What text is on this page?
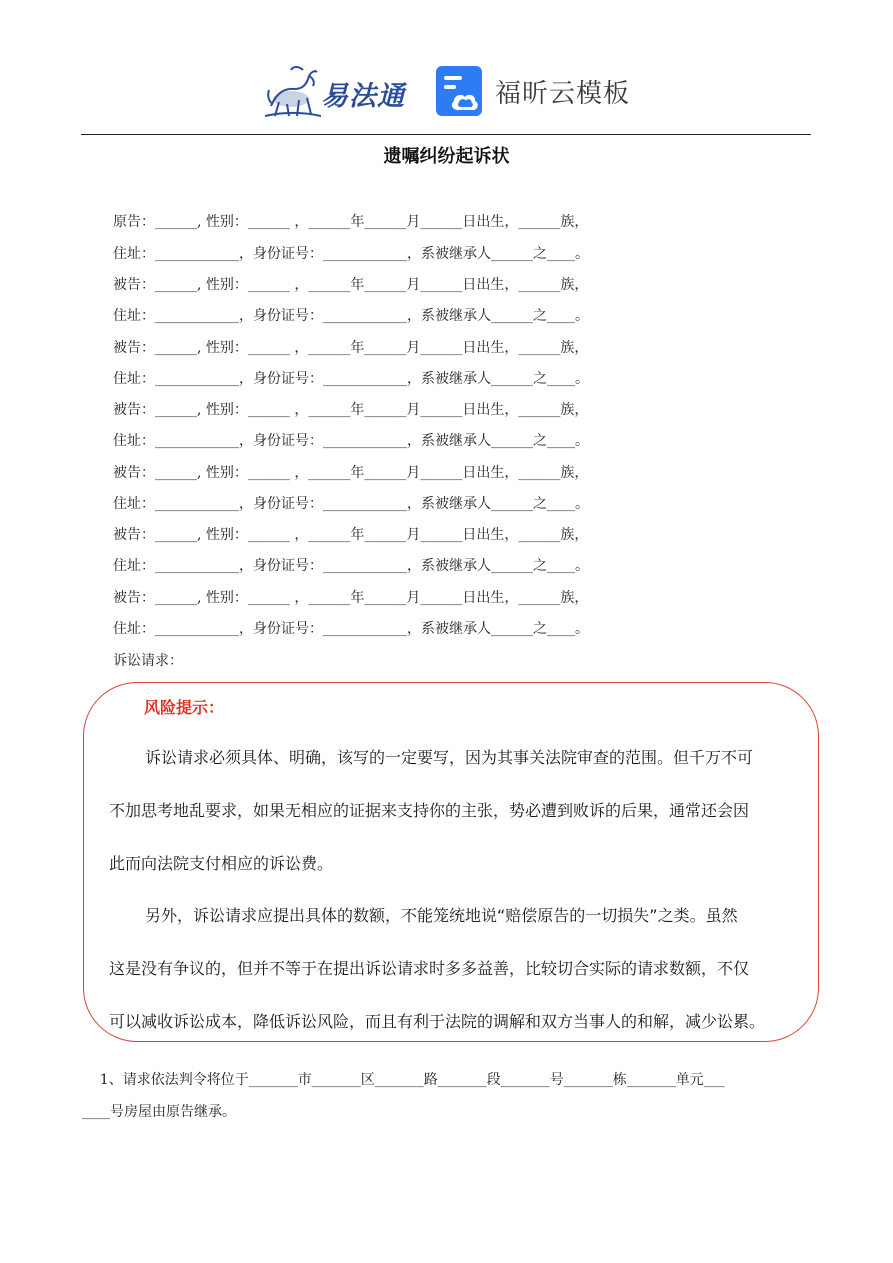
易法通	福昕云模板
遗嘱纠纷起诉状
原告：______, 性别：______ ，______年______月______日出生，______族，
住址：____________，身份证号：____________，系被继承人______之____。
被告：______, 性别：______ ，______年______月______日出生，______族，
住址：____________，身份证号：____________，系被继承人______之____。
被告：______, 性别：______ ，______年______月______日出生，______族，
住址：____________，身份证号：____________，系被继承人______之____。
被告：______, 性别：______ ，______年______月______日出生，______族，
住址：____________，身份证号：____________，系被继承人______之____。
被告：______, 性别：______ ，______年______月______日出生，______族，
住址：____________，身份证号：____________，系被继承人______之____。
被告：______, 性别：______ ，______年______月______日出生，______族，
住址：____________，身份证号：____________，系被继承人______之____。
被告：______, 性别：______ ，______年______月______日出生，______族，
住址：____________，身份证号：____________，系被继承人______之____。
诉讼请求：
风险提示：
诉讼请求必须具体、明确，该写的一定要写，因为其事关法院审查的范围。但千万不可
不加思考地乱要求，如果无相应的证据来支持你的主张，势必遭到败诉的后果，通常还会因
此而向法院支付相应的诉讼费。
另外，诉讼请求应提出具体的数额，不能笼统地说“赔偿原告的一切损失”之类。虽然
这是没有争议的，但并不等于在提出诉讼请求时多多益善，比较切合实际的请求数额，不仅
可以减收诉讼成本，降低诉讼风险，而且有利于法院的调解和双方当事人的和解，减少讼累。
1、请求依法判令将位于_______市_______区_______路_______段_______号_______栋_______单元___
____号房屋由原告继承。
